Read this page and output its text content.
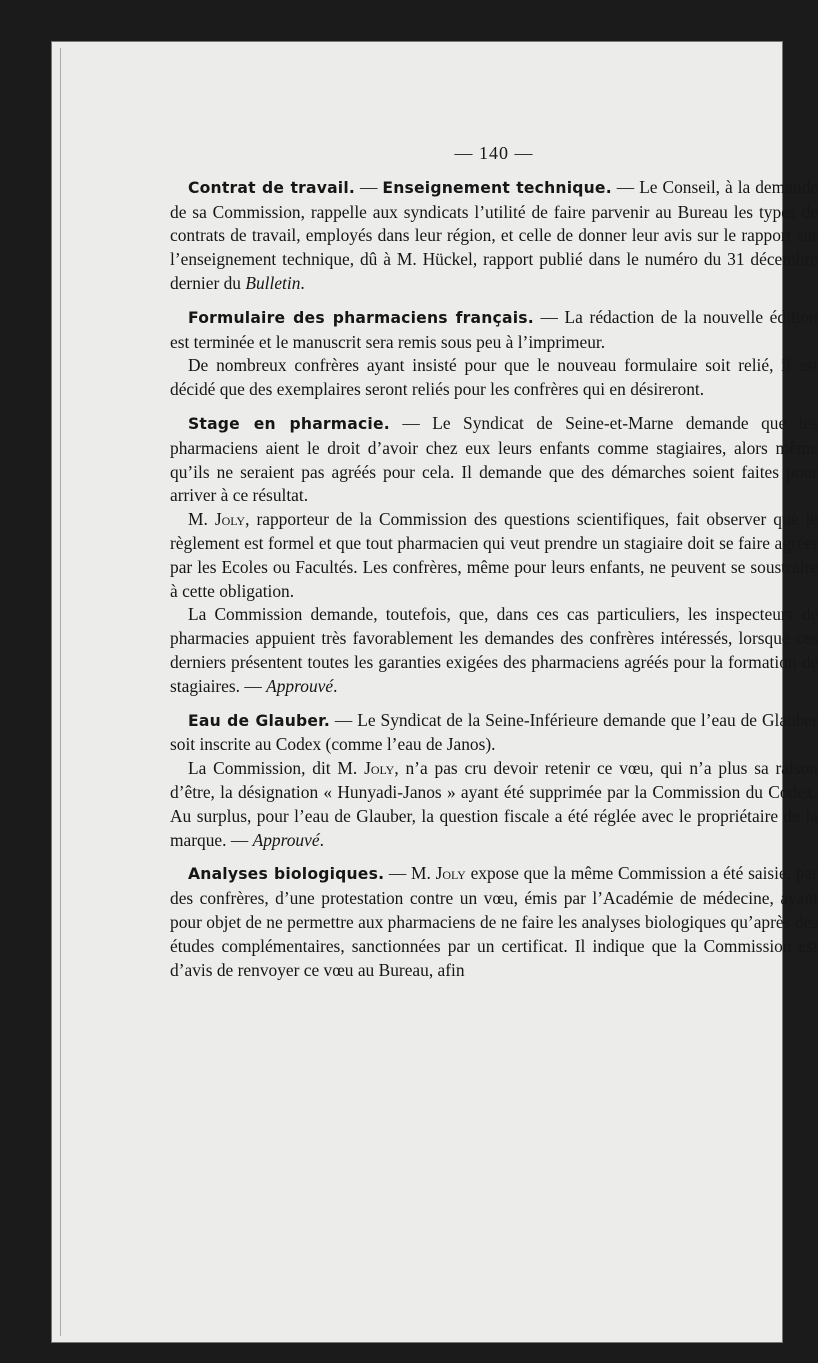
— 140 —

Contrat de travail. — Enseignement technique. — Le Conseil, à la demande de sa Commission, rappelle aux syndicats l’utilité de faire parvenir au Bureau les types de contrats de travail, employés dans leur région, et celle de donner leur avis sur le rapport sur l’enseignement technique, dû à M. Hückel, rapport publié dans le numéro du 31 décembre dernier du Bulletin.

Formulaire des pharmaciens français. — La rédaction de la nouvelle édition est terminée et le manuscrit sera remis sous peu à l’imprimeur.

De nombreux confrères ayant insisté pour que le nouveau formulaire soit relié, il est décidé que des exemplaires seront reliés pour les confrères qui en désireront.

Stage en pharmacie. — Le Syndicat de Seine-et-Marne demande que les pharmaciens aient le droit d’avoir chez eux leurs enfants comme stagiaires, alors même qu’ils ne seraient pas agréés pour cela. Il demande que des démarches soient faites pour arriver à ce résultat.

M. Joly, rapporteur de la Commission des questions scientifiques, fait observer que le règlement est formel et que tout pharmacien qui veut prendre un stagiaire doit se faire agréer par les Ecoles ou Facultés. Les confrères, même pour leurs enfants, ne peuvent se soustraire à cette obligation.

La Commission demande, toutefois, que, dans ces cas particuliers, les inspecteurs de pharmacies appuient très favorablement les demandes des confrères intéressés, lorsque ces derniers présentent toutes les garanties exigées des pharmaciens agréés pour la formation de stagiaires. — Approuvé.

Eau de Glauber. — Le Syndicat de la Seine-Inférieure demande que l’eau de Glauber soit inscrite au Codex (comme l’eau de Janos).

La Commission, dit M. Joly, n’a pas cru devoir retenir ce vœu, qui n’a plus sa raison d’être, la désignation « Hunyadi-Janos » ayant été supprimée par la Commission du Codex. Au surplus, pour l’eau de Glauber, la question fiscale a été réglée avec le propriétaire de la marque. — Approuvé.

Analyses biologiques. — M. Joly expose que la même Commission a été saisie, par des confrères, d’une protestation contre un vœu, émis par l’Académie de médecine, ayant pour objet de ne permettre aux pharmaciens de ne faire les analyses biologiques qu’après des études complémentaires, sanctionnées par un certificat. Il indique que la Commission est d’avis de renvoyer ce vœu au Bureau, afin
